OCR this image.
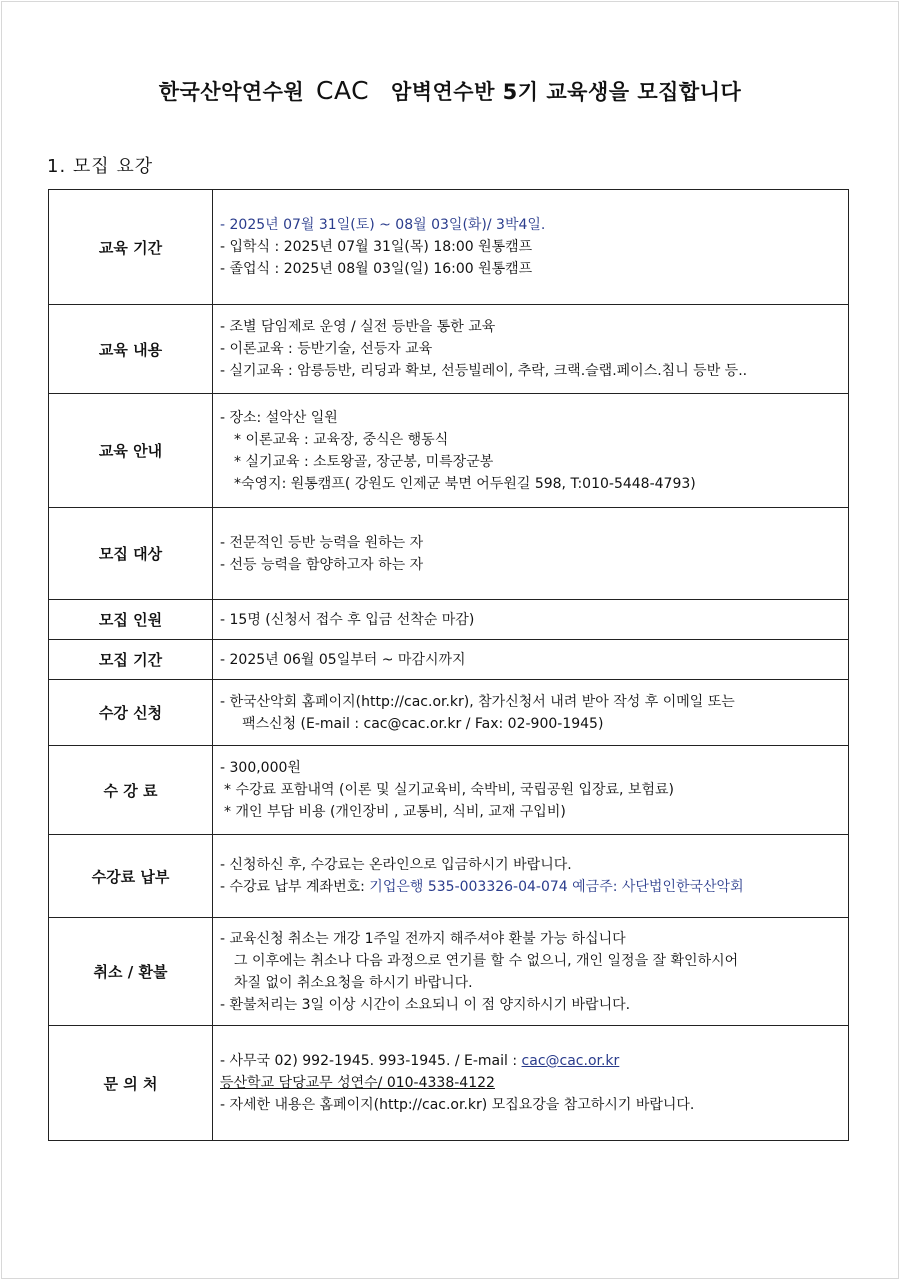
한국산악연수원 CAC 암벽연수반 5기 교육생을 모집합니다
1. 모집 요강
교육 기간	- 2025년 07월 31일(토) ~ 08월 03일(화)/ 3박4일.
- 입학식 : 2025년 07월 31일(목) 18:00 원통캠프
- 졸업식 : 2025년 08월 03일(일) 16:00 원통캠프

교육 내용	- 조별 담임제로 운영 / 실전 등반을 통한 교육
- 이론교육 : 등반기술, 선등자 교육
- 실기교육 : 암릉등반, 리딩과 확보, 선등빌레이, 추락, 크랙.슬랩.페이스.침니 등반 등..

교육 안내	- 장소: 설악산 일원
* 이론교육 : 교육장, 중식은 행동식
* 실기교육 : 소토왕골, 장군봉, 미륵장군봉
*숙영지: 원통캠프( 강원도 인제군 북면 어두원길 598, T:010-5448-4793)

모집 대상	- 전문적인 등반 능력을 원하는 자
- 선등 능력을 함양하고자 하는 자

모집 인원	- 15명 (신청서 접수 후 입금 선착순 마감)

모집 기간	- 2025년 06월 05일부터 ~ 마감시까지

수강 신청	- 한국산악회 홈페이지(http://cac.or.kr), 참가신청서 내려 받아 작성 후 이메일 또는
팩스신청 (E-mail : cac@cac.or.kr / Fax: 02-900-1945)

수 강 료	- 300,000원
* 수강료 포함내역 (이론 및 실기교육비, 숙박비, 국립공원 입장료, 보험료)
* 개인 부담 비용 (개인장비 , 교통비, 식비, 교재 구입비)

수강료 납부	- 신청하신 후, 수강료는 온라인으로 입금하시기 바랍니다.
- 수강료 납부 계좌번호: 기업은행 535-003326-04-074 예금주: 사단법인한국산악회

취소 / 환불	- 교육신청 취소는 개강 1주일 전까지 해주셔야 환불 가능 하십니다
그 이후에는 취소나 다음 과정으로 연기를 할 수 없으니, 개인 일정을 잘 확인하시어
차질 없이 취소요청을 하시기 바랍니다.
- 환불처리는 3일 이상 시간이 소요되니 이 점 양지하시기 바랍니다.

문 의 처	- 사무국 02) 992-1945. 993-1945. / E-mail : cac@cac.or.kr
등산학교 담당교무 성연수/ 010-4338-4122
- 자세한 내용은 홈페이지(http://cac.or.kr) 모집요강을 참고하시기 바랍니다.
